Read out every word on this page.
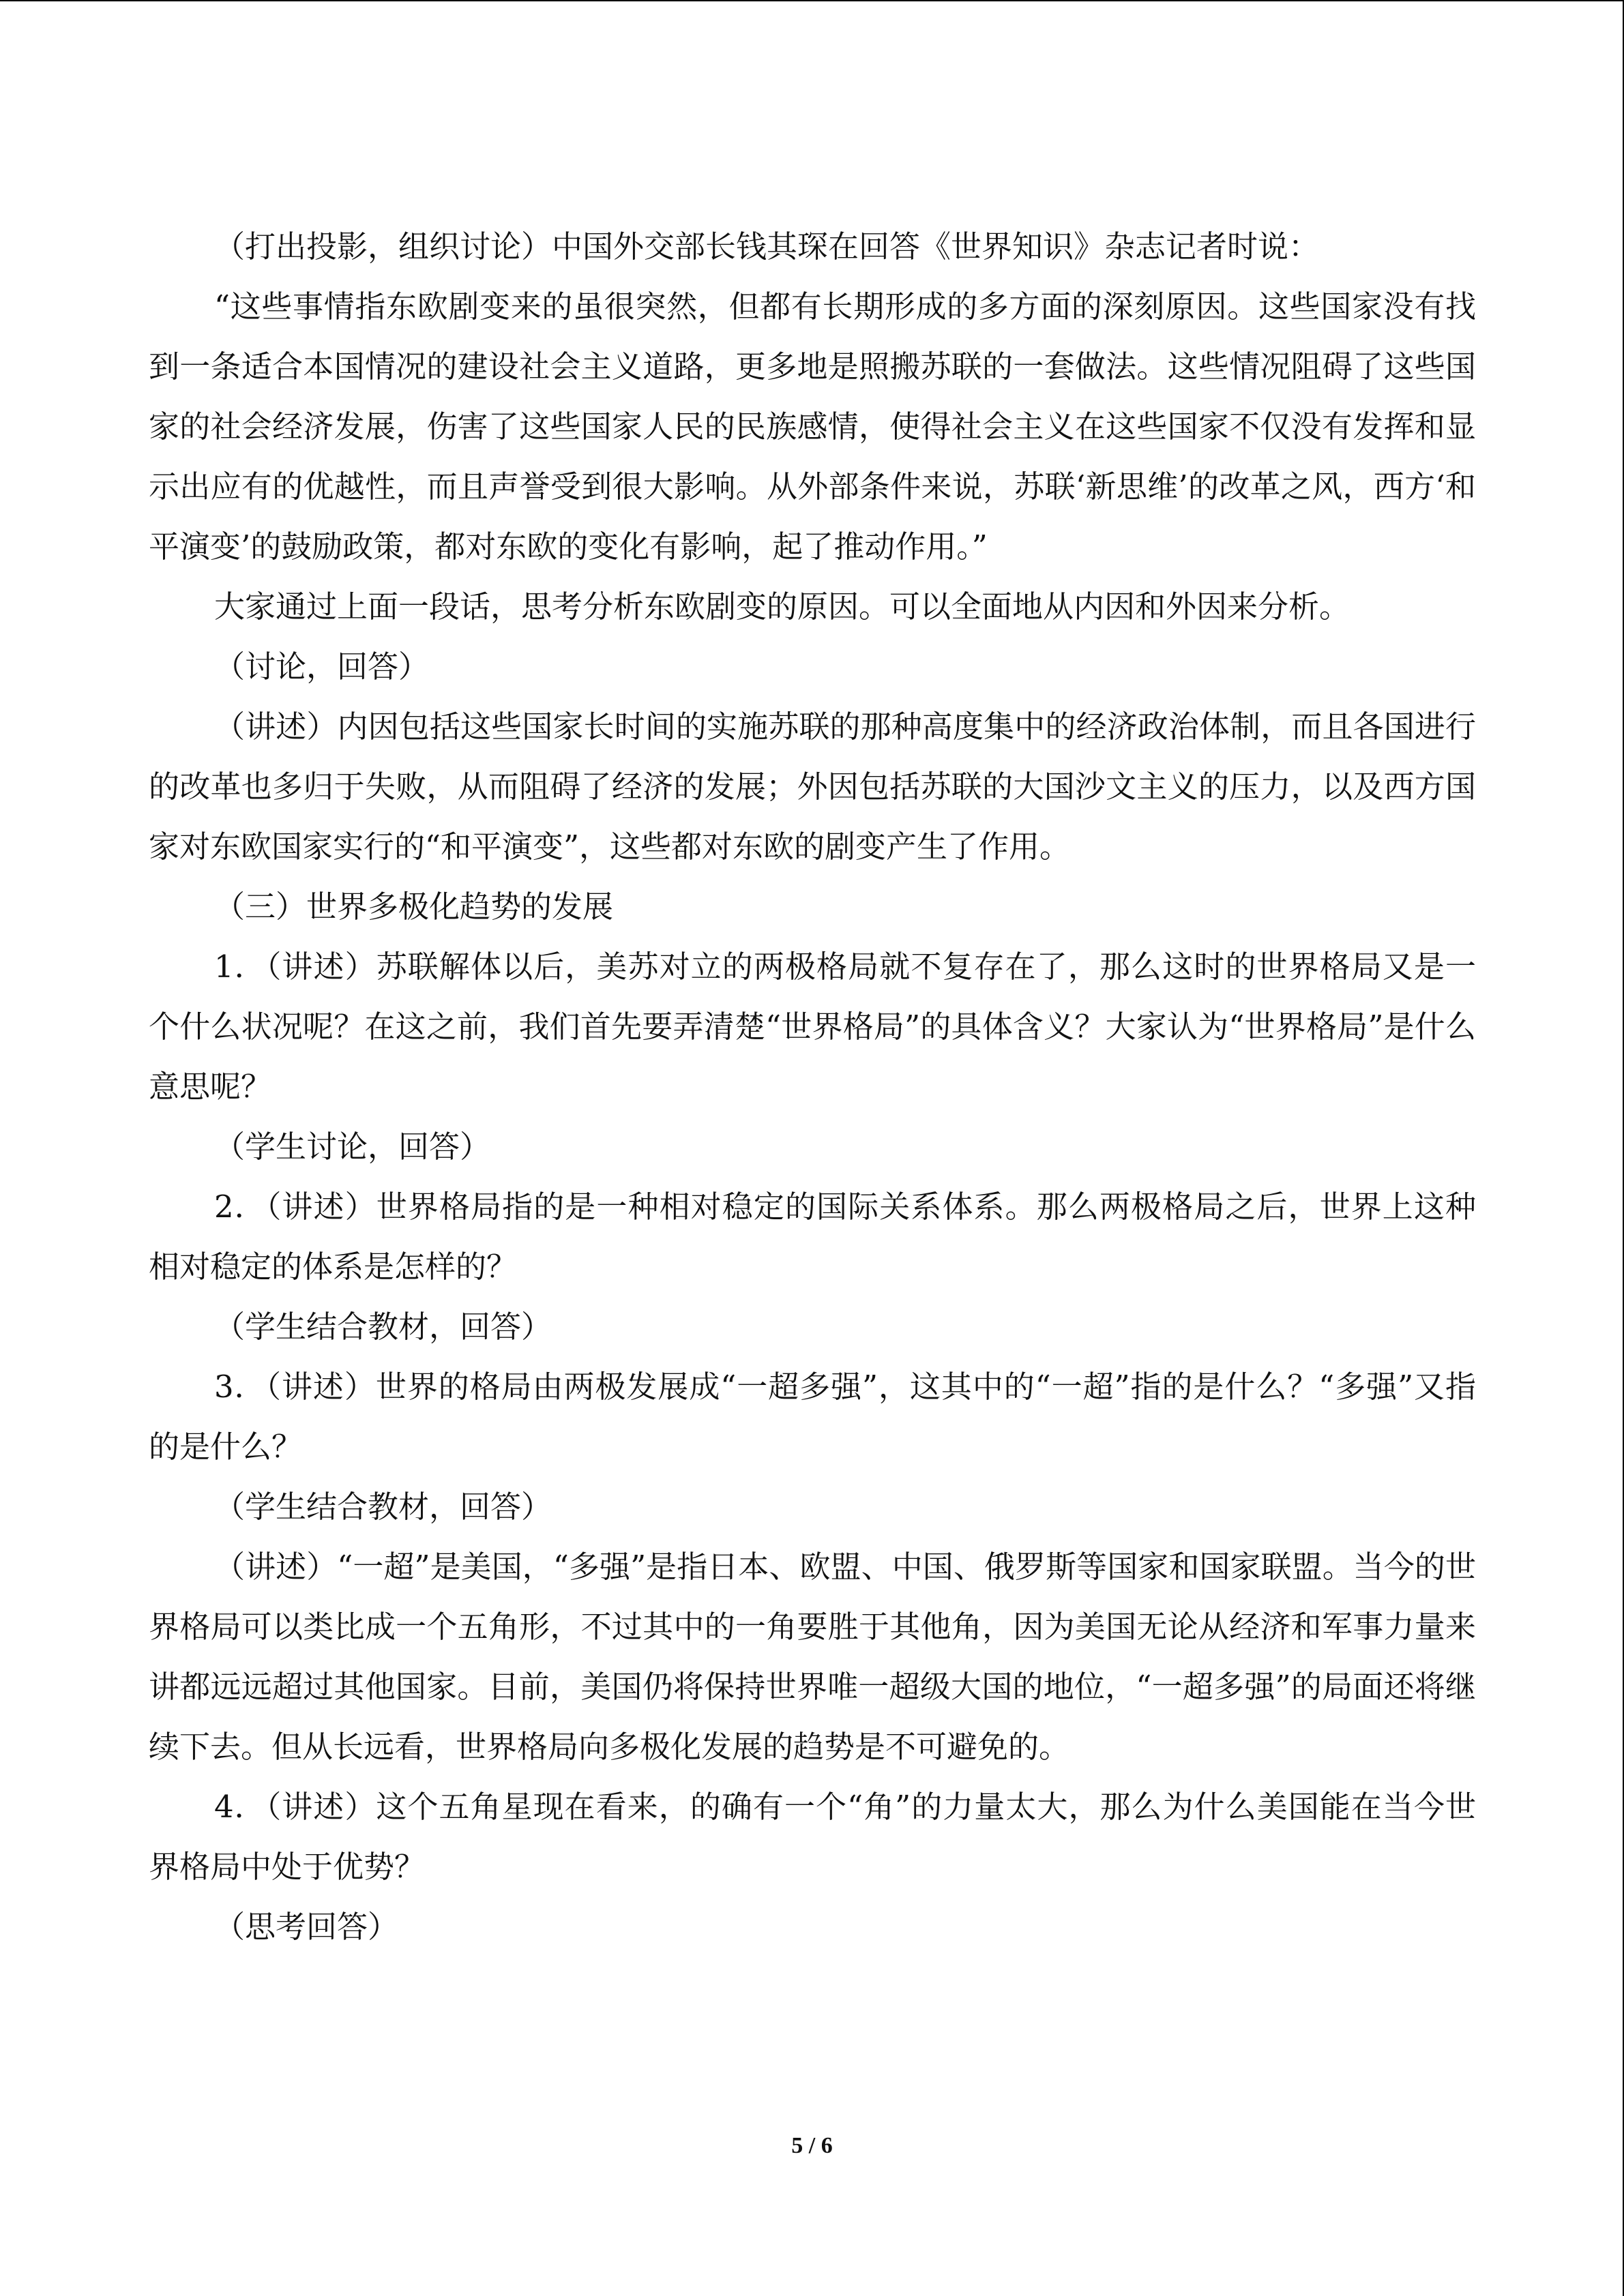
（打出投影，组织讨论）中国外交部长钱其琛在回答《世界知识》杂志记者时说：

“这些事情指东欧剧变来的虽很突然，但都有长期形成的多方面的深刻原因。这些国家没有找到一条适合本国情况的建设社会主义道路，更多地是照搬苏联的一套做法。这些情况阻碍了这些国家的社会经济发展，伤害了这些国家人民的民族感情，使得社会主义在这些国家不仅没有发挥和显示出应有的优越性，而且声誉受到很大影响。从外部条件来说，苏联‘新思维’的改革之风，西方‘和平演变’的鼓励政策，都对东欧的变化有影响，起了推动作用。”

大家通过上面一段话，思考分析东欧剧变的原因。可以全面地从内因和外因来分析。

（讨论，回答）

（讲述）内因包括这些国家长时间的实施苏联的那种高度集中的经济政治体制，而且各国进行的改革也多归于失败，从而阻碍了经济的发展；外因包括苏联的大国沙文主义的压力，以及西方国家对东欧国家实行的“和平演变”，这些都对东欧的剧变产生了作用。

（三）世界多极化趋势的发展

1．（讲述）苏联解体以后，美苏对立的两极格局就不复存在了，那么这时的世界格局又是一个什么状况呢？在这之前，我们首先要弄清楚“世界格局”的具体含义？大家认为“世界格局”是什么意思呢？

（学生讨论，回答）

2．（讲述）世界格局指的是一种相对稳定的国际关系体系。那么两极格局之后，世界上这种相对稳定的体系是怎样的？

（学生结合教材，回答）

3．（讲述）世界的格局由两极发展成“一超多强”，这其中的“一超”指的是什么？“多强”又指的是什么？

（学生结合教材，回答）

（讲述）“一超”是美国，“多强”是指日本、欧盟、中国、俄罗斯等国家和国家联盟。当今的世界格局可以类比成一个五角形，不过其中的一角要胜于其他角，因为美国无论从经济和军事力量来讲都远远超过其他国家。目前，美国仍将保持世界唯一超级大国的地位，“一超多强”的局面还将继续下去。但从长远看，世界格局向多极化发展的趋势是不可避免的。

4．（讲述）这个五角星现在看来，的确有一个“角”的力量太大，那么为什么美国能在当今世界格局中处于优势？

（思考回答）

5 / 6
